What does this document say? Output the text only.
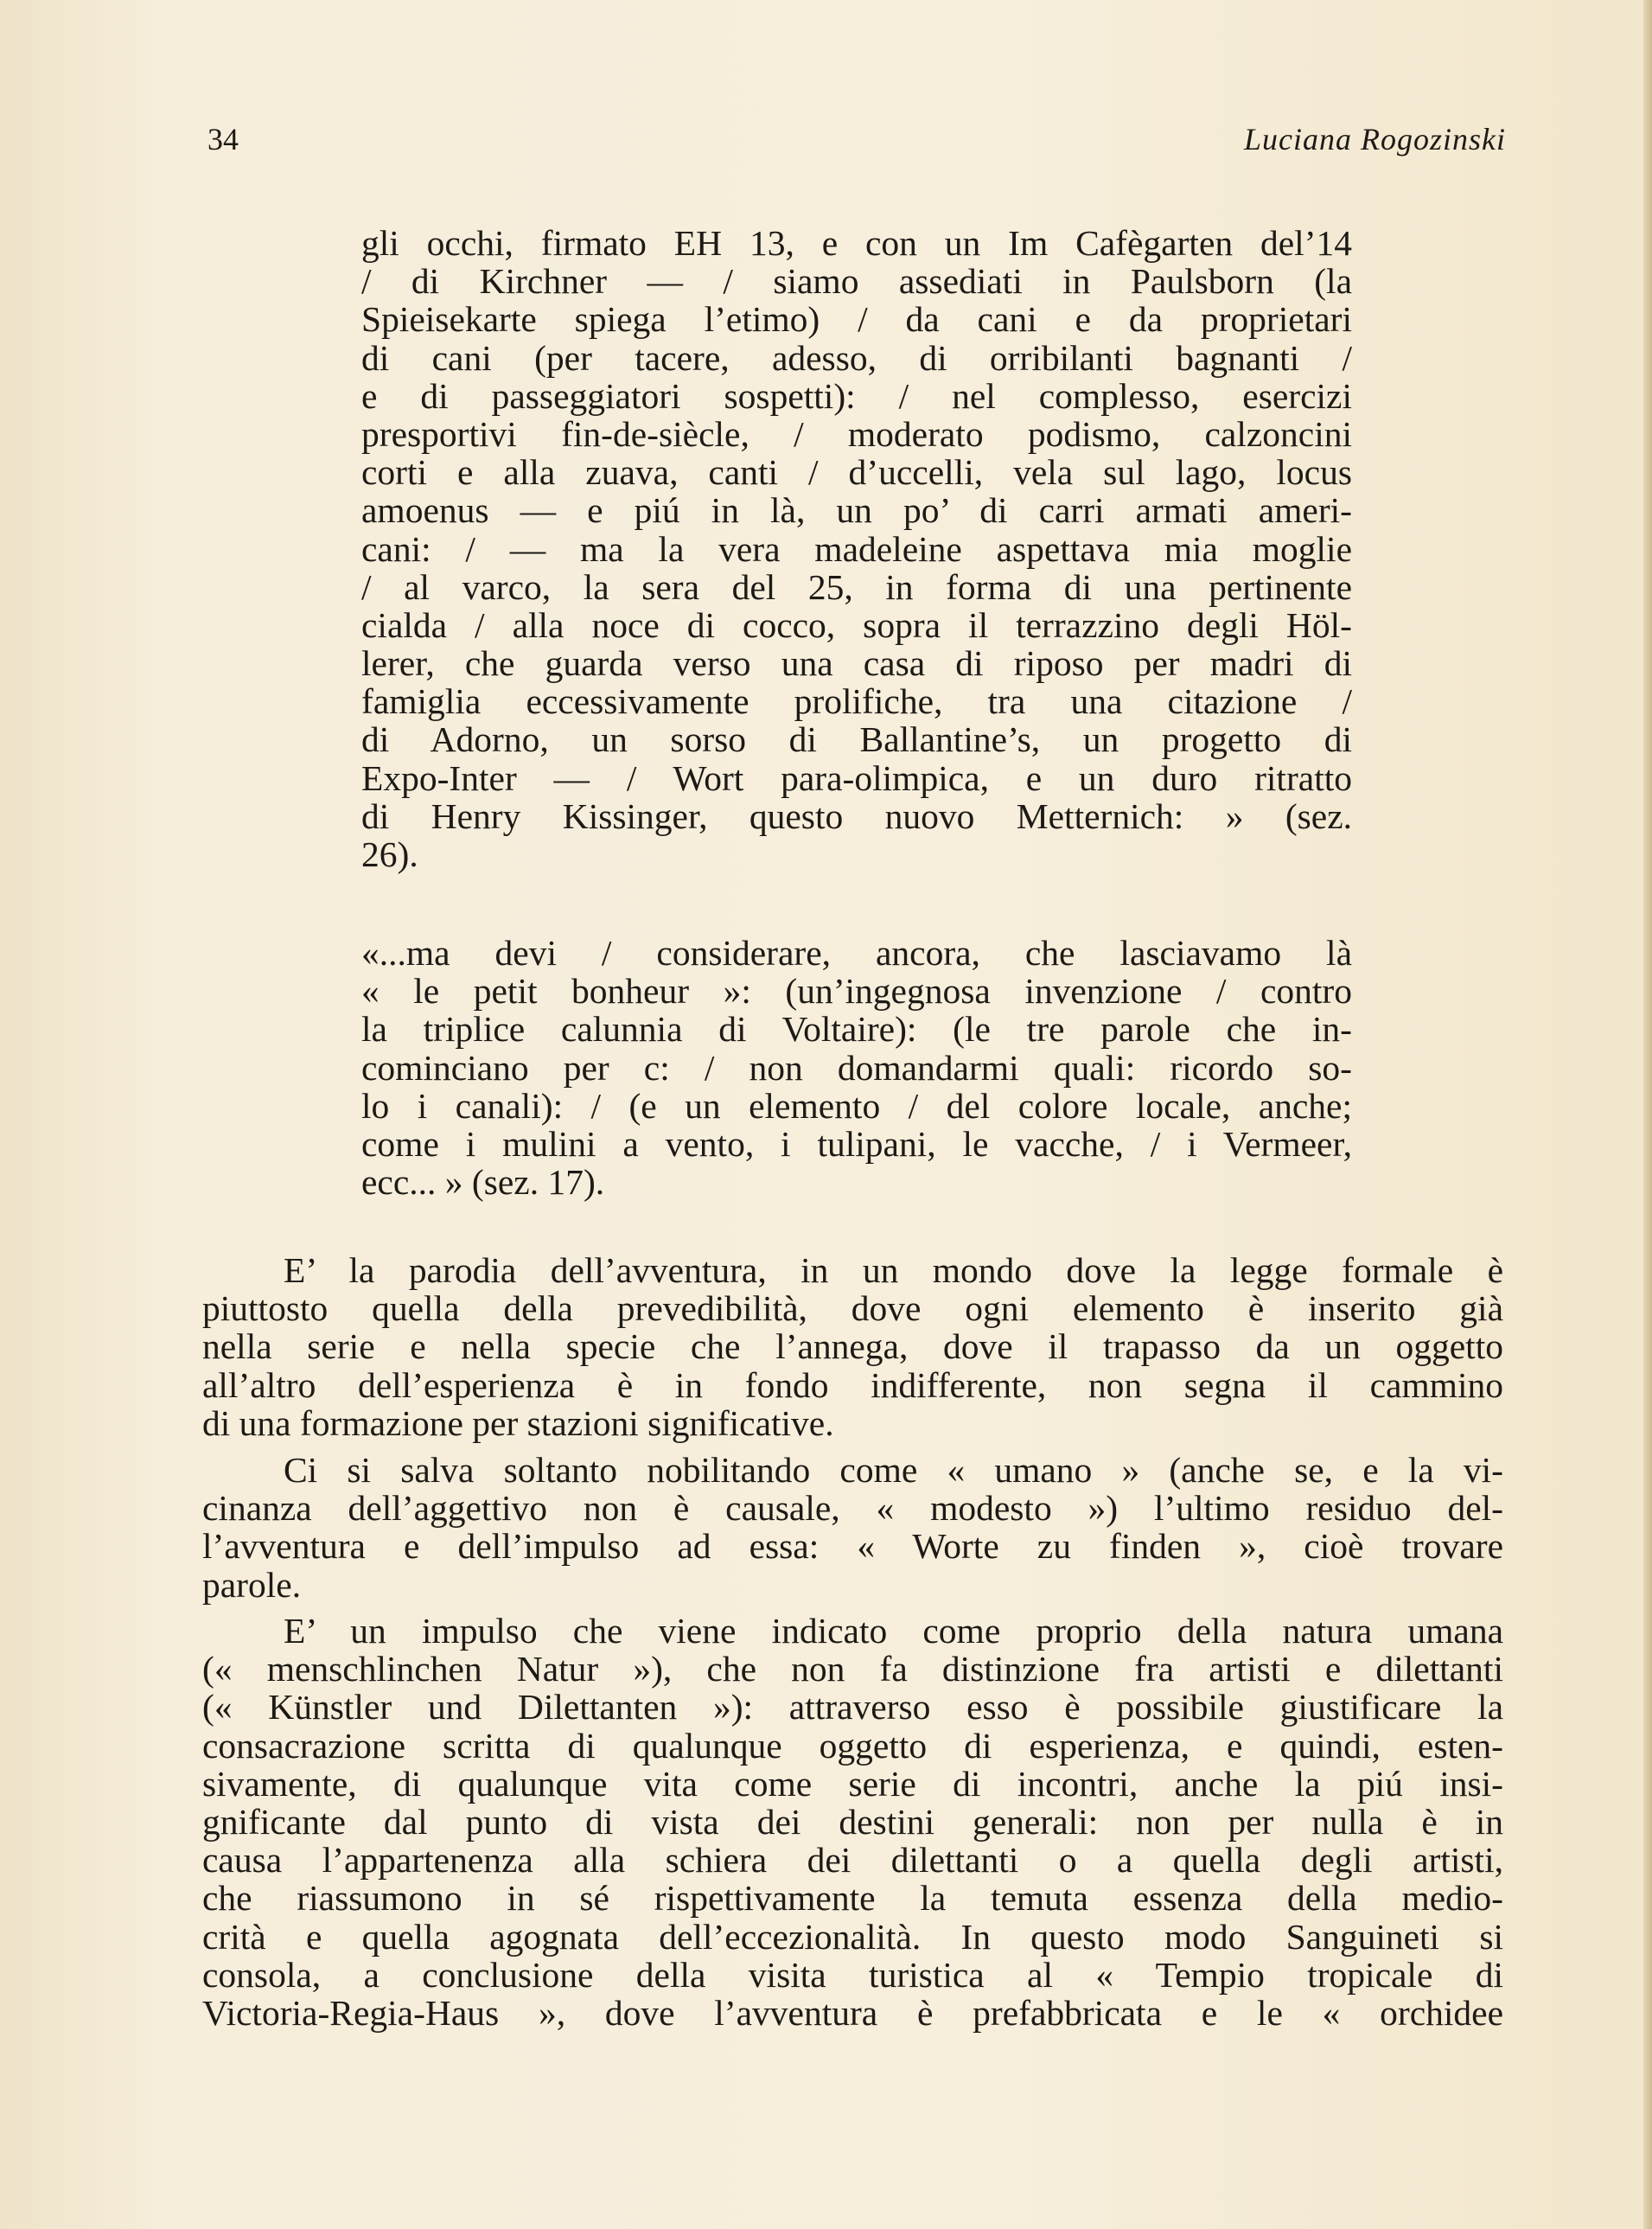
34	Luciana Rogozinski
gli occhi, firmato EH 13, e con un Im Cafègarten del’14
/ di Kirchner — / siamo assediati in Paulsborn (la
Spieisekarte spiega l’etimo) / da cani e da proprietari
di cani (per tacere, adesso, di orribilanti bagnanti /
e di passeggiatori sospetti): / nel complesso, esercizi
presportivi fin-de-siècle, / moderato podismo, calzoncini
corti e alla zuava, canti / d’uccelli, vela sul lago, locus
amoenus — e piú in là, un po’ di carri armati ameri-
cani: / — ma la vera madeleine aspettava mia moglie
/ al varco, la sera del 25, in forma di una pertinente
cialda / alla noce di cocco, sopra il terrazzino degli Höl-
lerer, che guarda verso una casa di riposo per madri di
famiglia eccessivamente prolifiche, tra una citazione /
di Adorno, un sorso di Ballantine’s, un progetto di
Expo-Inter — / Wort para-olimpica, e un duro ritratto
di Henry Kissinger, questo nuovo Metternich: » (sez.
26).
«...ma devi / considerare, ancora, che lasciavamo là
« le petit bonheur »: (un’ingegnosa invenzione / contro
la triplice calunnia di Voltaire): (le tre parole che in-
cominciano per c: / non domandarmi quali: ricordo so-
lo i canali): / (e un elemento / del colore locale, anche;
come i mulini a vento, i tulipani, le vacche, / i Vermeer,
ecc... » (sez. 17).
E’ la parodia dell’avventura, in un mondo dove la legge formale è
piuttosto quella della prevedibilità, dove ogni elemento è inserito già
nella serie e nella specie che l’annega, dove il trapasso da un oggetto
all’altro dell’esperienza è in fondo indifferente, non segna il cammino
di una formazione per stazioni significative.
Ci si salva soltanto nobilitando come « umano » (anche se, e la vi-
cinanza dell’aggettivo non è causale, « modesto ») l’ultimo residuo del-
l’avventura e dell’impulso ad essa: « Worte zu finden », cioè trovare
parole.
E’ un impulso che viene indicato come proprio della natura umana
(« menschlinchen Natur »), che non fa distinzione fra artisti e dilettanti
(« Künstler und Dilettanten »): attraverso esso è possibile giustificare la
consacrazione scritta di qualunque oggetto di esperienza, e quindi, esten-
sivamente, di qualunque vita come serie di incontri, anche la piú insi-
gnificante dal punto di vista dei destini generali: non per nulla è in
causa l’appartenenza alla schiera dei dilettanti o a quella degli artisti,
che riassumono in sé rispettivamente la temuta essenza della medio-
crità e quella agognata dell’eccezionalità. In questo modo Sanguineti si
consola, a conclusione della visita turistica al « Tempio tropicale di
Victoria-Regia-Haus », dove l’avventura è prefabbricata e le « orchidee
